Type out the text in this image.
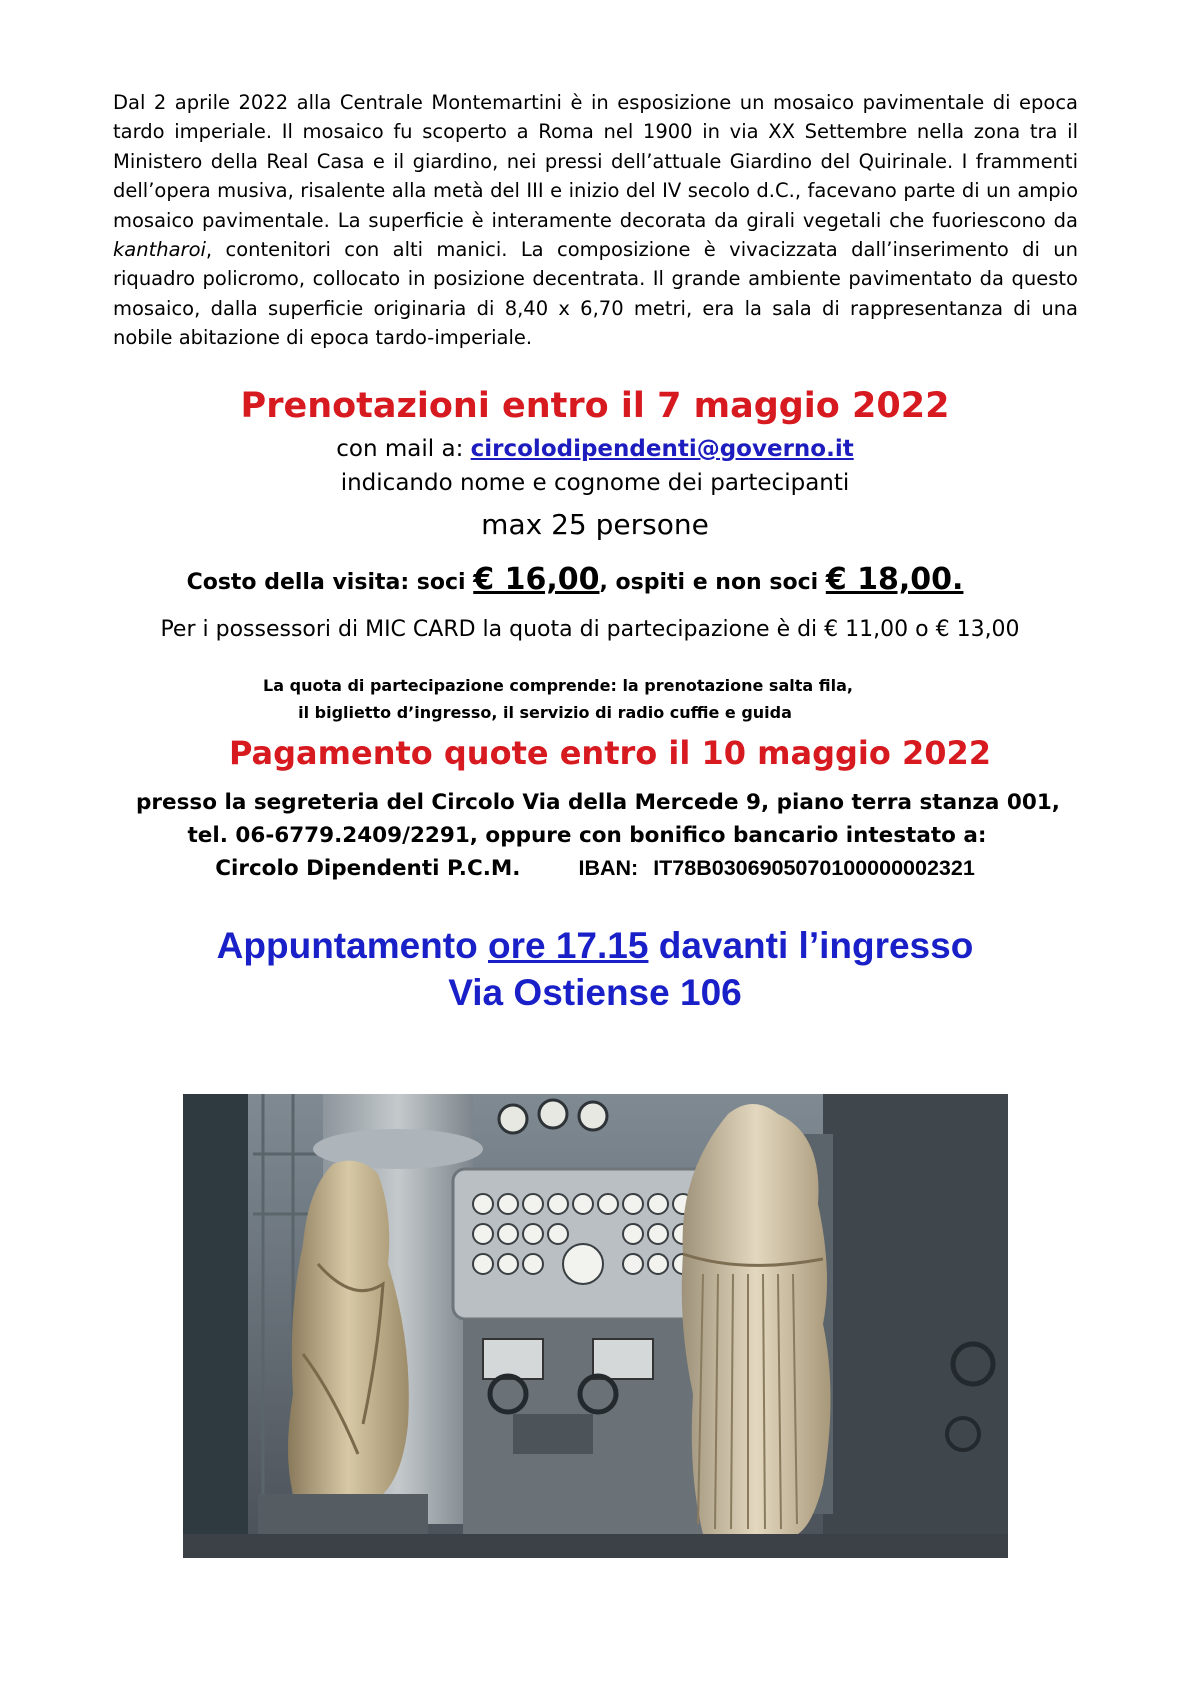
Dal 2 aprile 2022 alla Centrale Montemartini è in esposizione un mosaico pavimentale di epoca tardo imperiale. Il mosaico fu scoperto a Roma nel 1900 in via XX Settembre nella zona tra il Ministero della Real Casa e il giardino, nei pressi dell’attuale Giardino del Quirinale. I frammenti dell’opera musiva, risalente alla metà del III e inizio del IV secolo d.C., facevano parte di un ampio mosaico pavimentale. La superficie è interamente decorata da girali vegetali che fuoriescono da kantharoi, contenitori con alti manici. La composizione è vivacizzata dall’inserimento di un riquadro policromo, collocato in posizione decentrata. Il grande ambiente pavimentato da questo mosaico, dalla superficie originaria di 8,40 x 6,70 metri, era la sala di rappresentanza di una nobile abitazione di epoca tardo-imperiale.
Prenotazioni entro il 7 maggio 2022
con mail a: circolodipendenti@governo.it
indicando nome e cognome dei partecipanti
max 25 persone
Costo della visita: soci € 16,00, ospiti e non soci € 18,00.
Per i possessori di MIC CARD la quota di partecipazione è di € 11,00 o € 13,00
La quota di partecipazione comprende: la prenotazione salta fila,
il biglietto d’ingresso, il servizio di radio cuffie e guida
Pagamento quote entro il 10 maggio 2022
presso la segreteria del Circolo Via della Mercede 9, piano terra stanza 001,
tel. 06-6779.2409/2291, oppure con bonifico bancario intestato a:
Circolo Dipendenti P.C.M.	IBAN: IT78B0306905070100000002321
Appuntamento ore 17.15 davanti l’ingresso
Via Ostiense 106
